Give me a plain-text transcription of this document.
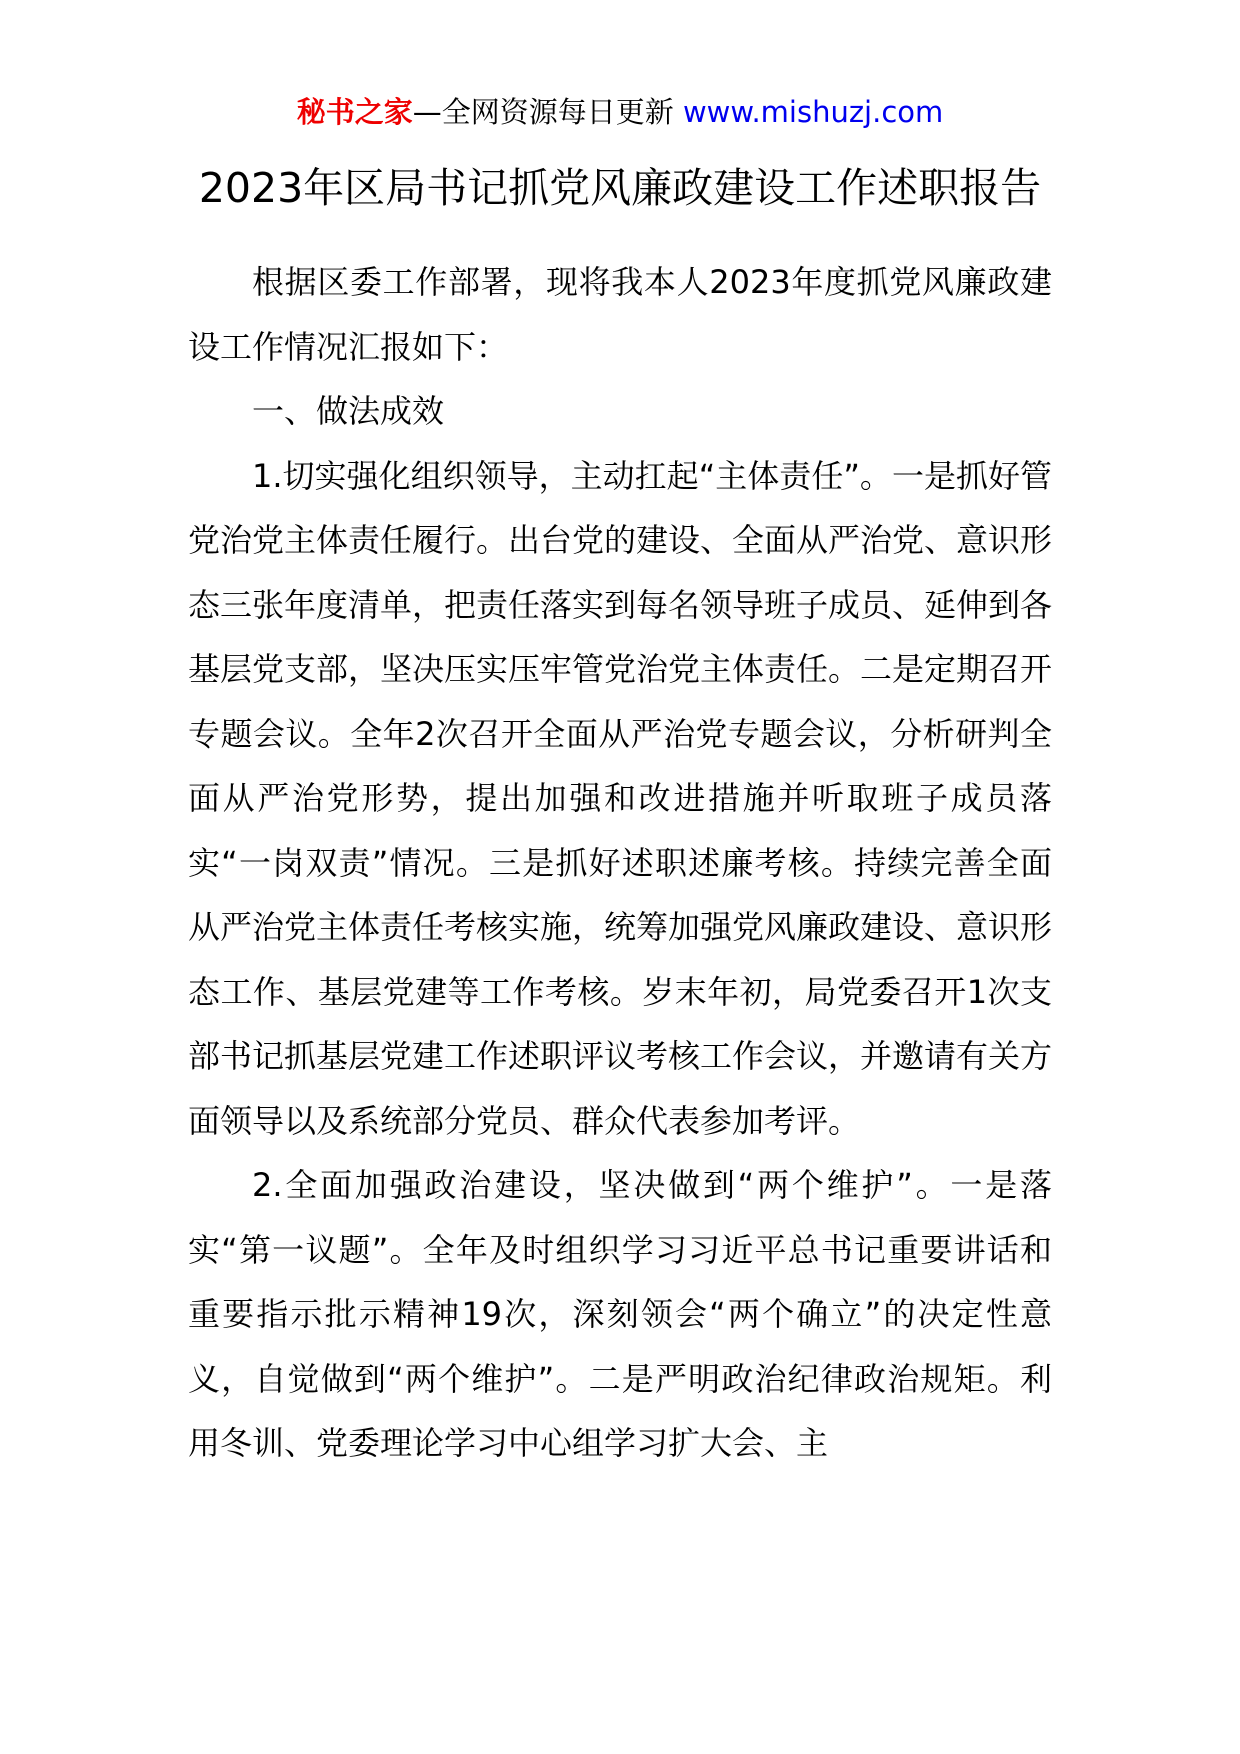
秘书之家—全网资源每日更新 www.mishuzj.com
2023年区局书记抓党风廉政建设工作述职报告

根据区委工作部署，现将我本人2023年度抓党风廉政建设工作情况汇报如下：

一、做法成效

1.切实强化组织领导，主动扛起“主体责任”。一是抓好管党治党主体责任履行。出台党的建设、全面从严治党、意识形态三张年度清单，把责任落实到每名领导班子成员、延伸到各基层党支部，坚决压实压牢管党治党主体责任。二是定期召开专题会议。全年2次召开全面从严治党专题会议，分析研判全面从严治党形势，提出加强和改进措施并听取班子成员落实“一岗双责”情况。三是抓好述职述廉考核。持续完善全面从严治党主体责任考核实施，统筹加强党风廉政建设、意识形态工作、基层党建等工作考核。岁末年初，局党委召开1次支部书记抓基层党建工作述职评议考核工作会议，并邀请有关方面领导以及系统部分党员、群众代表参加考评。

2.全面加强政治建设，坚决做到“两个维护”。一是落实“第一议题”。全年及时组织学习习近平总书记重要讲话和重要指示批示精神19次，深刻领会“两个确立”的决定性意义，自觉做到“两个维护”。二是严明政治纪律政治规矩。利用冬训、党委理论学习中心组学习扩大会、主
